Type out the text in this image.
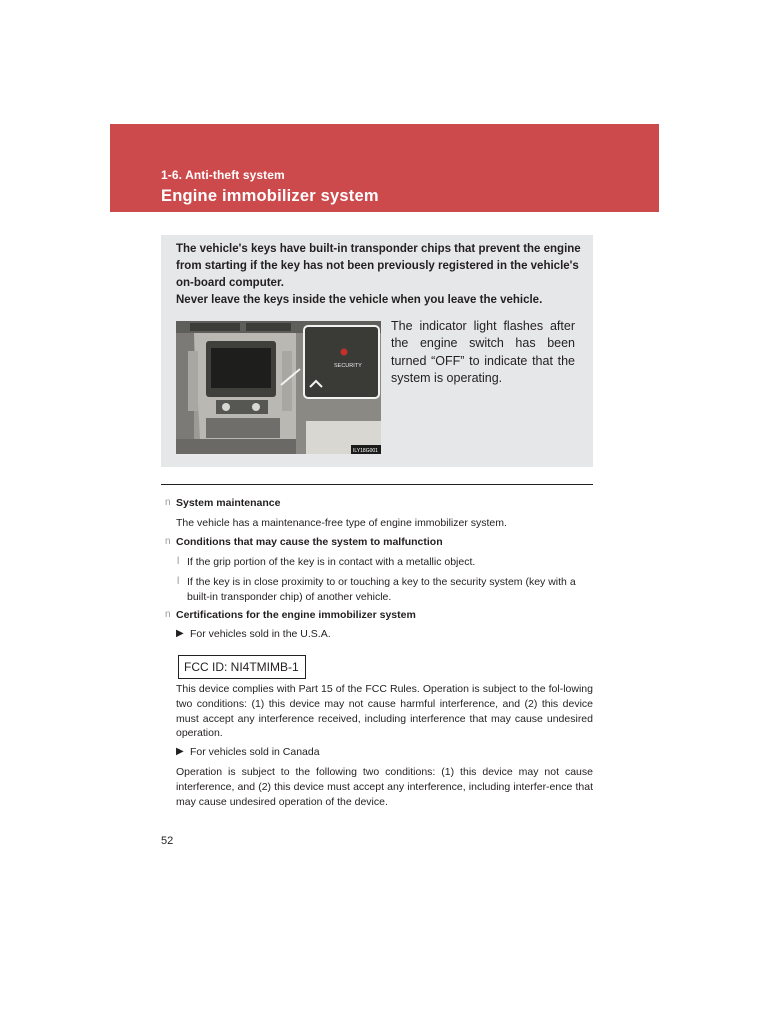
1-6. Anti-theft system
Engine immobilizer system

The vehicle's keys have built-in transponder chips that prevent the engine from starting if the key has not been previously registered in the vehicle's on-board computer.

Never leave the keys inside the vehicle when you leave the vehicle.

SECURITY
ILY18G001
The indicator light flashes after the engine switch has been turned “OFF” to indicate that the system is operating.
n System maintenance
The vehicle has a maintenance-free type of engine immobilizer system.
n Conditions that may cause the system to malfunction
l If the grip portion of the key is in contact with a metallic object.
l If the key is in close proximity to or touching a key to the security system (key with a built-in transponder chip) of another vehicle.
n Certifications for the engine immobilizer system
▶ For vehicles sold in the U.S.A.
FCC ID: NI4TMIMB-1
This device complies with Part 15 of the FCC Rules. Operation is subject to the fol-lowing two conditions: (1) this device may not cause harmful interference, and (2) this device must accept any interference received, including interference that may cause undesired operation.
▶ For vehicles sold in Canada
Operation is subject to the following two conditions: (1) this device may not cause interference, and (2) this device must accept any interference, including interfer-ence that may cause undesired operation of the device.
52
